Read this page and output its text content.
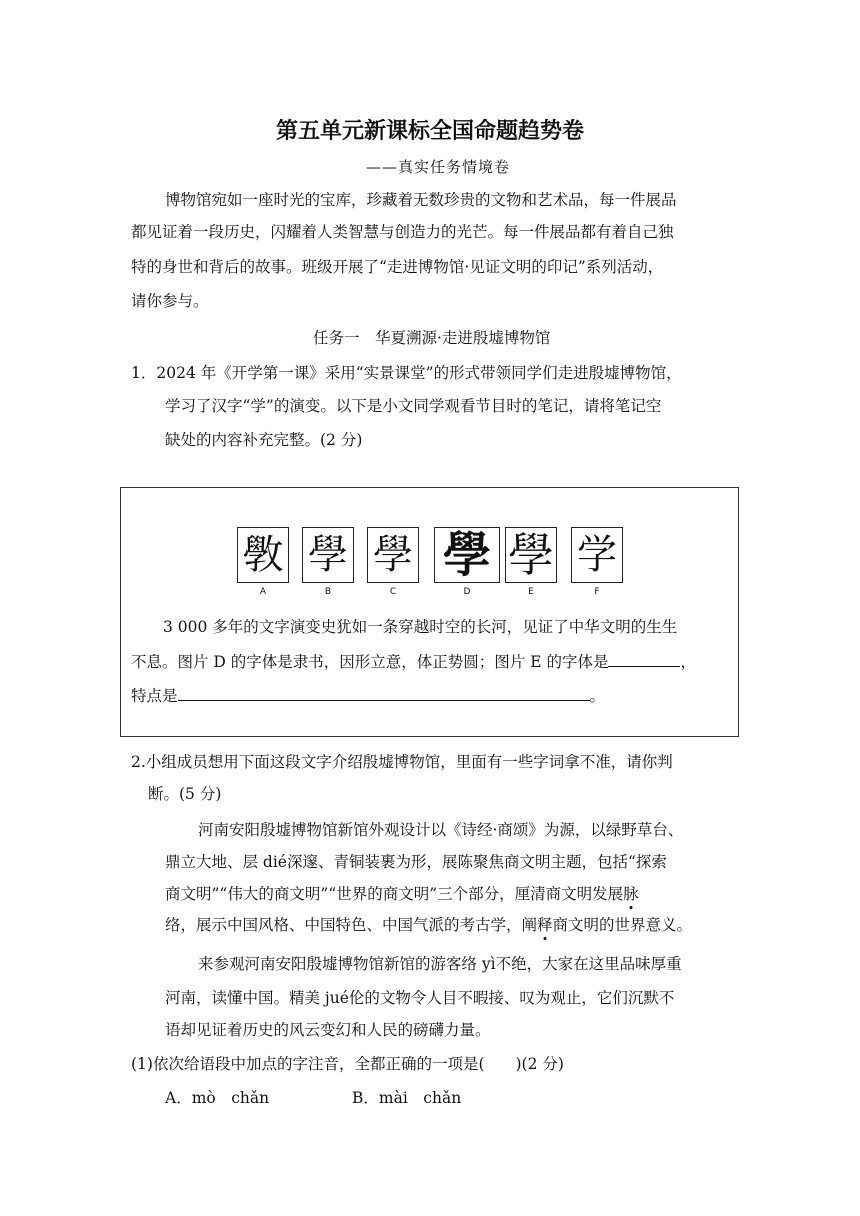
第五单元新课标全国命题趋势卷
——真实任务情境卷
博物馆宛如一座时光的宝库，珍藏着无数珍贵的文物和艺术品，每一件展品
都见证着一段历史，闪耀着人类智慧与创造力的光芒。每一件展品都有着自己独
特的身世和背后的故事。班级开展了“走进博物馆·见证文明的印记”系列活动，
请你参与。
任务一　华夏溯源·走进殷墟博物馆
1．2024 年《开学第一课》采用“实景课堂”的形式带领同学们走进殷墟博物馆，
学习了汉字“学”的演变。以下是小文同学观看节目时的笔记，请将笔记空
缺处的内容补充完整。(2 分)
斆 學 學 學 學 学
A	B	C	D	E	F
3 000 多年的文字演变史犹如一条穿越时空的长河，见证了中华文明的生生
不息。图片 D 的字体是隶书，因形立意，体正势圆；图片 E 的字体是	，
特点是	。
2.小组成员想用下面这段文字介绍殷墟博物馆，里面有一些字词拿不准，请你判
断。(5 分)
河南安阳殷墟博物馆新馆外观设计以《诗经·商颂》为源，以绿野草台、
鼎立大地、层 dié深邃、青铜装裹为形，展陈聚焦商文明主题，包括“探索
商文明”“伟大的商文明”“世界的商文明”三个部分，厘清商文明发展脉
络，展示中国风格、中国特色、中国气派的考古学，阐释商文明的世界意义。
来参观河南安阳殷墟博物馆新馆的游客络 yì不绝，大家在这里品味厚重
河南，读懂中国。精美 jué伦的文物令人目不暇接、叹为观止，它们沉默不
语却见证着历史的风云变幻和人民的磅礴力量。
(1)依次给语段中加点的字注音，全都正确的一项是(　　)(2 分)
A．mò　chǎn	B．mài　chǎn
